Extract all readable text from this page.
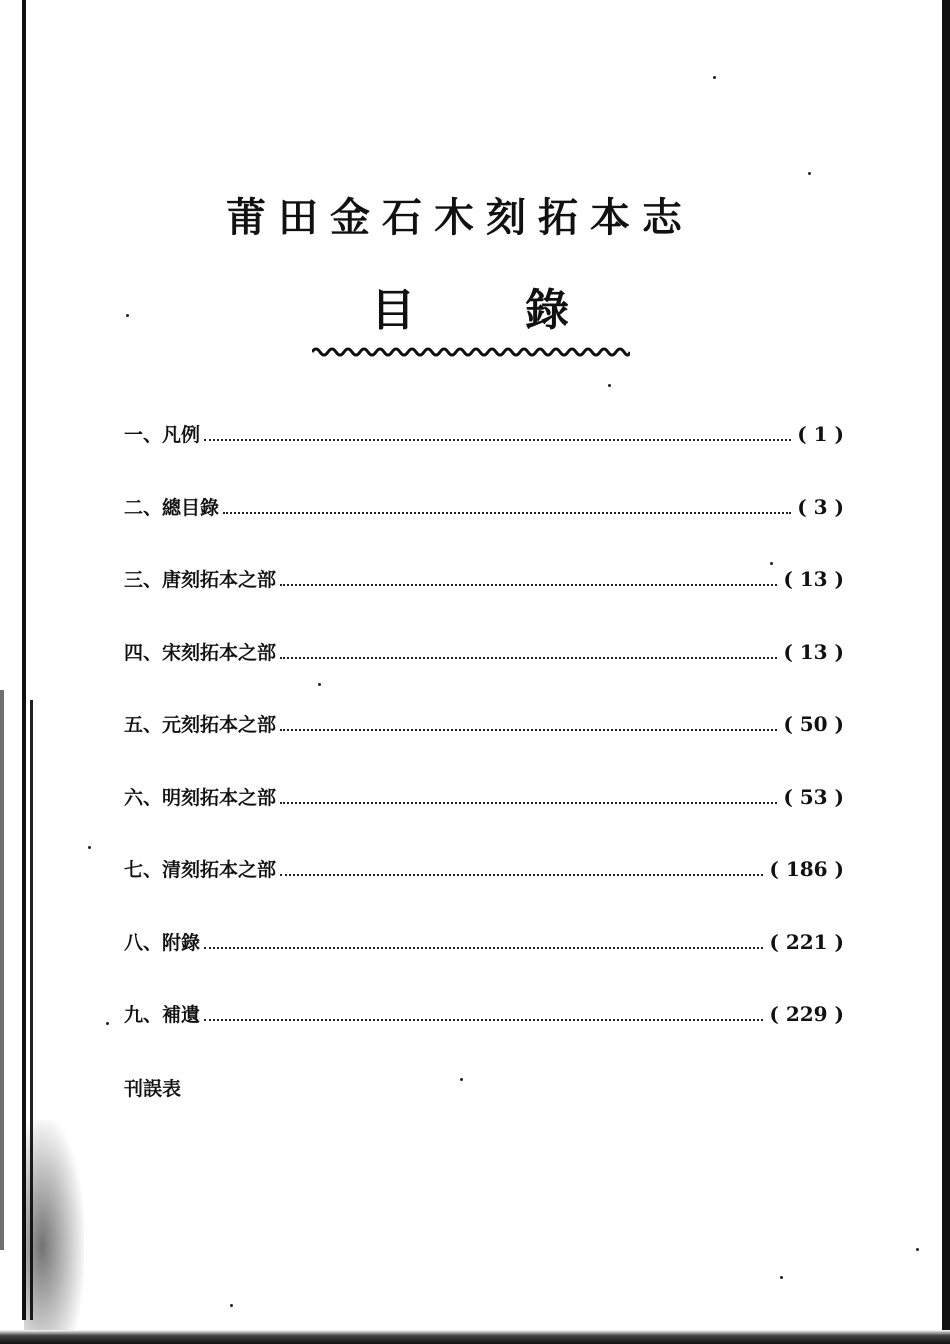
莆田金石木刻拓本志
目錄
一、 凡例	( 1 )
二、 總目錄	( 3 )
三、 唐刻拓本之部	( 13 )
四、 宋刻拓本之部	( 13 )
五、 元刻拓本之部	( 50 )
六、 明刻拓本之部	( 53 )
七、 清刻拓本之部	( 186 )
八、 附錄	( 221 )
九、 補遺	( 229 )

刊誤表
